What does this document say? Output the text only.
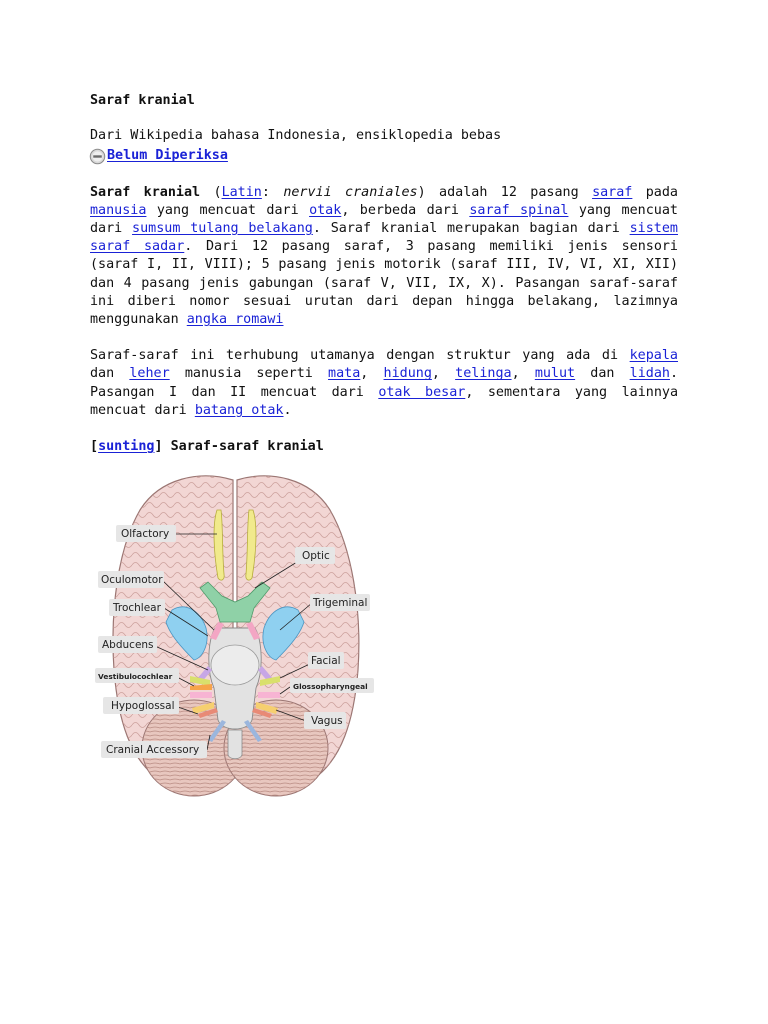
Saraf kranial
Dari Wikipedia bahasa Indonesia, ensiklopedia bebas
Belum Diperiksa

Saraf kranial (Latin: nervii craniales) adalah 12 pasang saraf pada manusia yang mencuat dari otak, berbeda dari saraf spinal yang mencuat dari sumsum tulang belakang. Saraf kranial merupakan bagian dari sistem saraf sadar. Dari 12 pasang saraf, 3 pasang memiliki jenis sensori (saraf I, II, VIII); 5 pasang jenis motorik (saraf III, IV, VI, XI, XII) dan 4 pasang jenis gabungan (saraf V, VII, IX, X). Pasangan saraf-saraf ini diberi nomor sesuai urutan dari depan hingga belakang, lazimnya menggunakan angka romawi

Saraf-saraf ini terhubung utamanya dengan struktur yang ada di kepala dan leher manusia seperti mata, hidung, telinga, mulut dan lidah. Pasangan I dan II mencuat dari otak besar, sementara yang lainnya mencuat dari batang otak.

[sunting] Saraf-saraf kranial
Olfactory
Optic
Oculomotor
Trochlear	Trigeminal
Abducens
Facial
Vestibulocochlear
Glossopharyngeal
Hypoglossal
Vagus
Cranial Accessory
